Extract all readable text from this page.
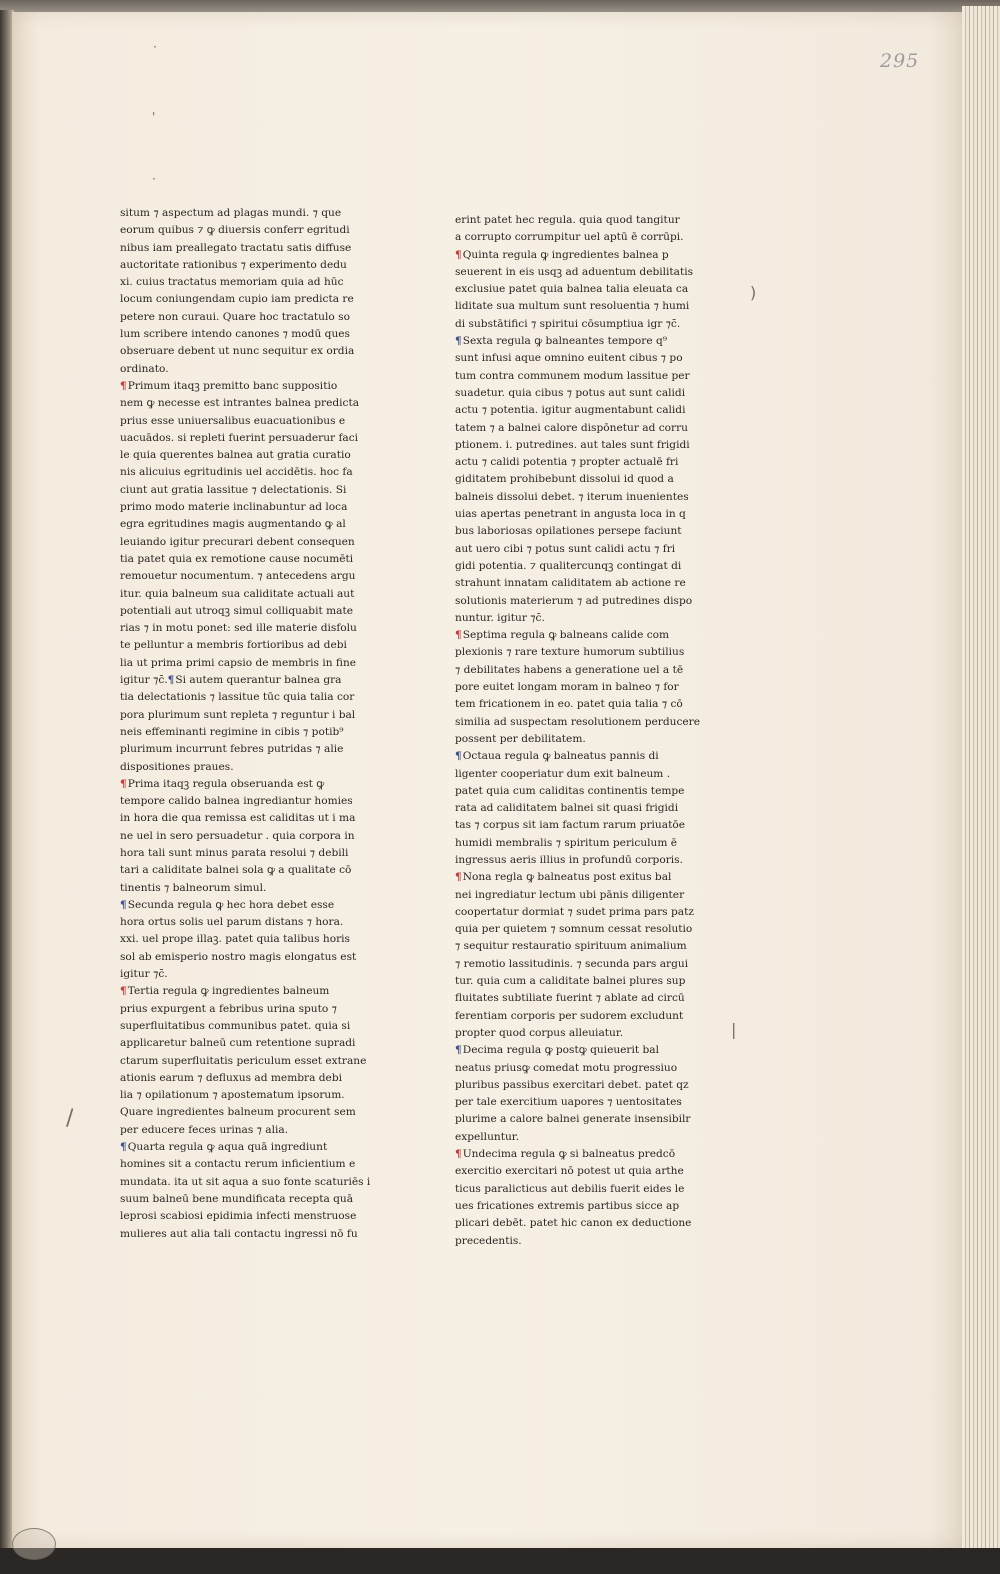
295
·
'
·
)
|
/
situm ⁊ aspectum ad plagas mundi. ⁊ que
eorum quibus ⁊ ꝙ diuersis conferr egritudi
nibus iam preallegato tractatu satis diffuse
auctoritate rationibus ⁊ experimento dedu
xi. cuius tractatus memoriam quia ad hūc
locum coniungendam cupio iam predicta re
petere non curaui. Quare hoc tractatulo so
lum scribere intendo canones ⁊ modū ques
obseruare debent ut nunc sequitur ex ordia
ordinato.
¶Primum itaqꝫ premitto banc suppositio
nem ꝙ necesse est intrantes balnea predicta
prius esse uniuersalibus euacuationibus e
uacuādos. si repleti fuerint persuaderur faci
le quia querentes balnea aut gratia curatio
nis alicuius egritudinis uel accidētis. hoc fa
ciunt aut gratia lassitue ⁊ delectationis. Si
primo modo materie inclinabuntur ad loca
egra egritudines magis augmentando ꝙ al
leuiando igitur precurari debent consequen
tia patet quia ex remotione cause nocumēti
remouetur nocumentum. ⁊ antecedens argu
itur. quia balneum sua caliditate actuali aut
potentiali aut utroqꝫ simul colliquabit mate
rias ⁊ in motu ponet: sed ille materie disfolu
te pelluntur a membris fortioribus ad debi
lia ut prima primi capsio de membris in fine
igitur ⁊c̄.¶Si autem querantur balnea gra
tia delectationis ⁊ lassitue tūc quia talia cor
pora plurimum sunt repleta ⁊ reguntur i bal
neis effeminanti regimine in cibis ⁊ potib⁹
plurimum incurrunt febres putridas ⁊ alie
dispositiones praues.
¶Prima itaqꝫ regula obseruanda est ꝙ
tempore calido balnea ingrediantur homies
in hora die qua remissa est caliditas ut i ma
ne uel in sero persuadetur . quia corpora in
hora tali sunt minus parata resolui ⁊ debili
tari a caliditate balnei sola ꝙ a qualitate cō
tinentis ⁊ balneorum simul.
¶Secunda regula ꝙ hec hora debet esse
hora ortus solis uel parum distans ⁊ hora.
xxi. uel prope illaꝫ. patet quia talibus horis
sol ab emisperio nostro magis elongatus est
igitur ⁊c̄.
¶Tertia regula ꝙ ingredientes balneum
prius expurgent a febribus urina sputo ⁊
superfluitatibus communibus patet. quia si
applicaretur balneū cum retentione supradi
ctarum superfluitatis periculum esset extrane
ationis earum ⁊ defluxus ad membra debi
lia ⁊ opilationum ⁊ apostematum ipsorum.
Quare ingredientes balneum procurent sem
per educere feces urinas ⁊ alia.
¶Quarta regula ꝙ aqua quā ingrediunt
homines sit a contactu rerum inficientium e
mundata. ita ut sit aqua a suo fonte scaturiēs i
suum balneū bene mundificata recepta quā
leprosi scabiosi epidimia infecti menstruose
mulieres aut alia tali contactu ingressi nō fu
erint patet hec regula. quia quod tangitur
a corrupto corrumpitur uel aptū ē corrūpi.
¶Quinta regula ꝙ ingredientes balnea p
seuerent in eis usqꝫ ad aduentum debilitatis
exclusiue patet quia balnea talia eleuata ca
liditate sua multum sunt resoluentia ⁊ humi
di substātifici ⁊ spiritui cōsumptiua igr ⁊c̄.
¶Sexta regula ꝙ balneantes tempore q⁹
sunt infusi aque omnino euitent cibus ⁊ po
tum contra communem modum lassitue per
suadetur. quia cibus ⁊ potus aut sunt calidi
actu ⁊ potentia. igitur augmentabunt calidi
tatem ⁊ a balnei calore dispōnetur ad corru
ptionem. i. putredines. aut tales sunt frigidi
actu ⁊ calidi potentia ⁊ propter actualē fri
giditatem prohibebunt dissolui id quod a
balneis dissolui debet. ⁊ iterum inuenientes
uias apertas penetrant in angusta loca in q
bus laboriosas opilationes persepe faciunt
aut uero cibi ⁊ potus sunt calidi actu ⁊ fri
gidi potentia. ⁊ qualitercunqꝫ contingat di
strahunt innatam caliditatem ab actione re
solutionis materierum ⁊ ad putredines dispo
nuntur. igitur ⁊c̄.
¶Septima regula ꝙ balneans calide com
plexionis ⁊ rare texture humorum subtilius
⁊ debilitates habens a generatione uel a tē
pore euitet longam moram in balneo ⁊ for
tem fricationem in eo. patet quia talia ⁊ cō
similia ad suspectam resolutionem perducere
possent per debilitatem.
¶Octaua regula ꝙ balneatus pannis di
ligenter cooperiatur dum exit balneum .
patet quia cum caliditas continentis tempe
rata ad caliditatem balnei sit quasi frigidi
tas ⁊ corpus sit iam factum rarum priuatōe
humidi membralis ⁊ spiritum periculum ē
ingressus aeris illius in profundū corporis.
¶Nona regla ꝙ balneatus post exitus bal
nei ingrediatur lectum ubi pānis diligenter
coopertatur dormiat ⁊ sudet prima pars patz
quia per quietem ⁊ somnum cessat resolutio
⁊ sequitur restauratio spirituum animalium
⁊ remotio lassitudinis. ⁊ secunda pars argui
tur. quia cum a caliditate balnei plures sup
fluitates subtiliate fuerint ⁊ ablate ad circū
ferentiam corporis per sudorem excludunt
propter quod corpus alleuiatur.
¶Decima regula ꝙ postꝙ quieuerit bal
neatus priusꝙ comedat motu progressiuo
pluribus passibus exercitari debet. patet qz
per tale exercitium uapores ⁊ uentositates
plurime a calore balnei generate insensibilr
expelluntur.
¶Undecima regula ꝙ si balneatus predcō
exercitio exercitari nō potest ut quia arthe
ticus paralicticus aut debilis fuerit eides le
ues fricationes extremis partibus sicce ap
plicari debēt. patet hic canon ex deductione
precedentis.
